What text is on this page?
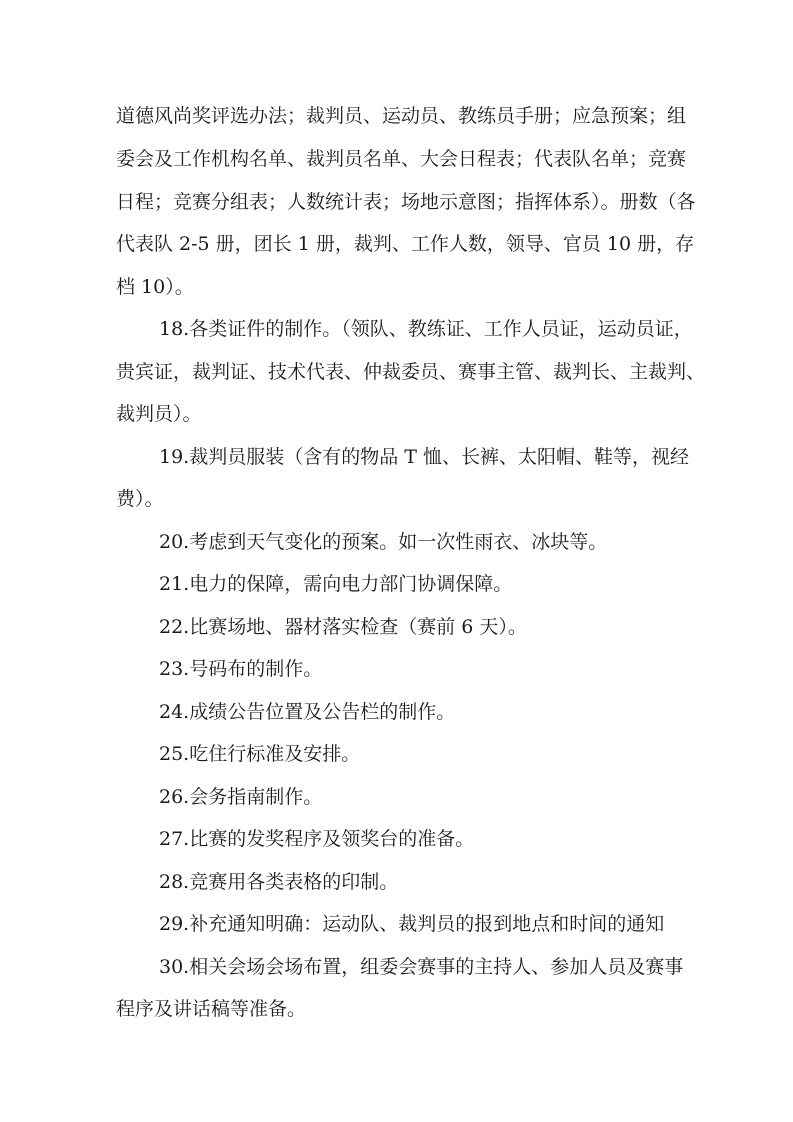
道德风尚奖评选办法；裁判员、运动员、教练员手册；应急预案；组
委会及工作机构名单、裁判员名单、大会日程表；代表队名单；竞赛
日程；竞赛分组表；人数统计表；场地示意图；指挥体系）。册数（各
代表队 2-5 册，团长 1 册，裁判、工作人数，领导、官员 10 册，存
档 10）。
18.各类证件的制作。（领队、教练证、工作人员证，运动员证，
贵宾证，裁判证、技术代表、仲裁委员、赛事主管、裁判长、主裁判、
裁判员）。
19.裁判员服装（含有的物品 T 恤、长裤、太阳帽、鞋等，视经
费）。
20.考虑到天气变化的预案。如一次性雨衣、冰块等。
21.电力的保障，需向电力部门协调保障。
22.比赛场地、器材落实检查（赛前 6 天）。
23.号码布的制作。
24.成绩公告位置及公告栏的制作。
25.吃住行标准及安排。
26.会务指南制作。
27.比赛的发奖程序及领奖台的准备。
28.竞赛用各类表格的印制。
29.补充通知明确：运动队、裁判员的报到地点和时间的通知
30.相关会场会场布置，组委会赛事的主持人、参加人员及赛事
程序及讲话稿等准备。
